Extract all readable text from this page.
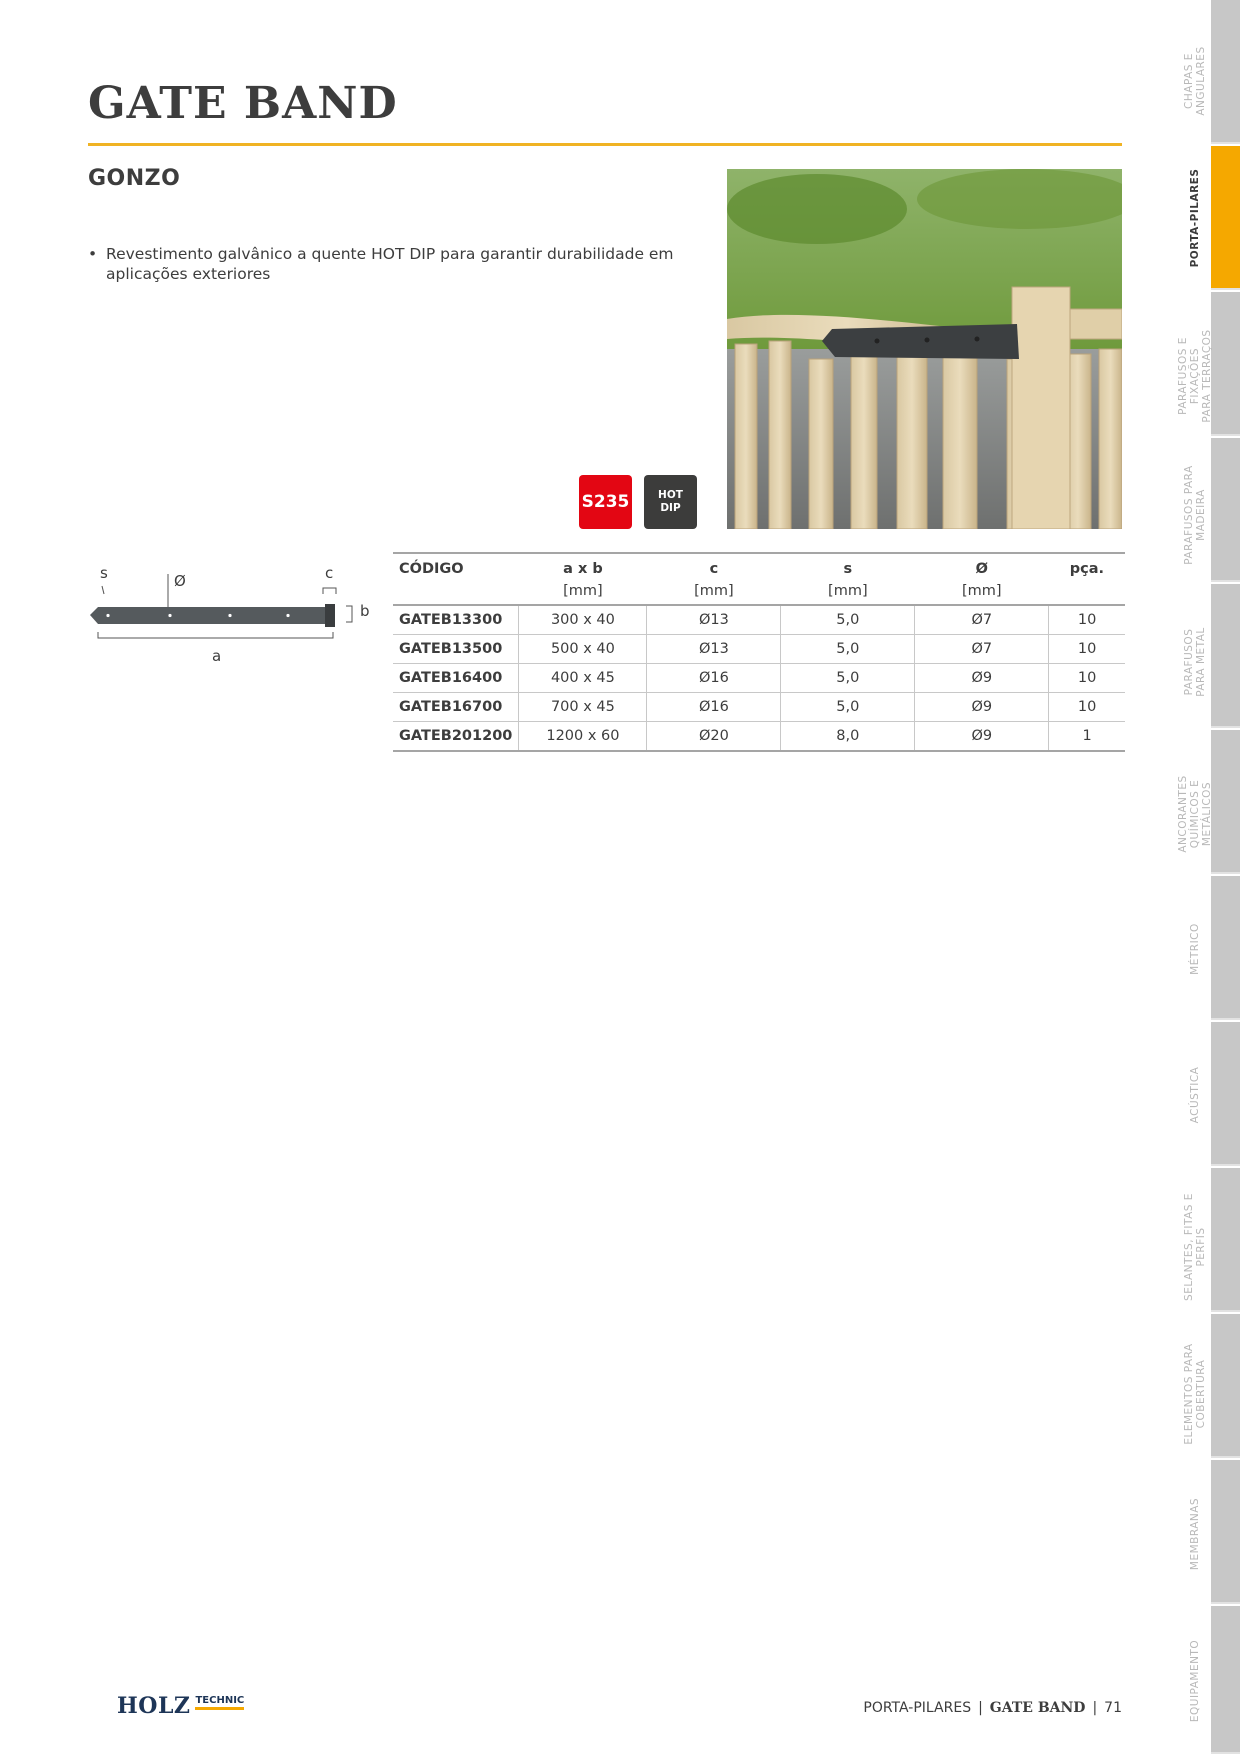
GATE BAND
GONZO
• Revestimento galvânico a quente HOT DIP para garantir durabilidade em aplicações exteriores
S235	HOT
DIP
s	Ø	c
b
a
CÓDIGO	a x b	c	s	Ø	pça.
	[mm]	[mm]	[mm]	[mm]	
GATEB13300	300 x 40	Ø13	5,0	Ø7	10
GATEB13500	500 x 40	Ø13	5,0	Ø7	10
GATEB16400	400 x 45	Ø16	5,0	Ø9	10
GATEB16700	700 x 45	Ø16	5,0	Ø9	10
GATEB201200	1200 x 60	Ø20	8,0	Ø9	1
CHAPAS E
ANGULARES
PORTA-PILARES
PARAFUSOS E
FIXAÇÕES
PARA TERRAÇOS
PARAFUSOS PARA
MADEIRA
PARAFUSOS
PARA METAL
ANCORANTES
QUÍMICOS E
METÁLICOS
MÉTRICO
ACÚSTICA
SELANTES, FITAS E
PERFIS
ELEMENTOS PARA
COBERTURA
MEMBRANAS
EQUIPAMENTO
HOLZ TECHNIC	PORTA-PILARES | GATE BAND | 71
